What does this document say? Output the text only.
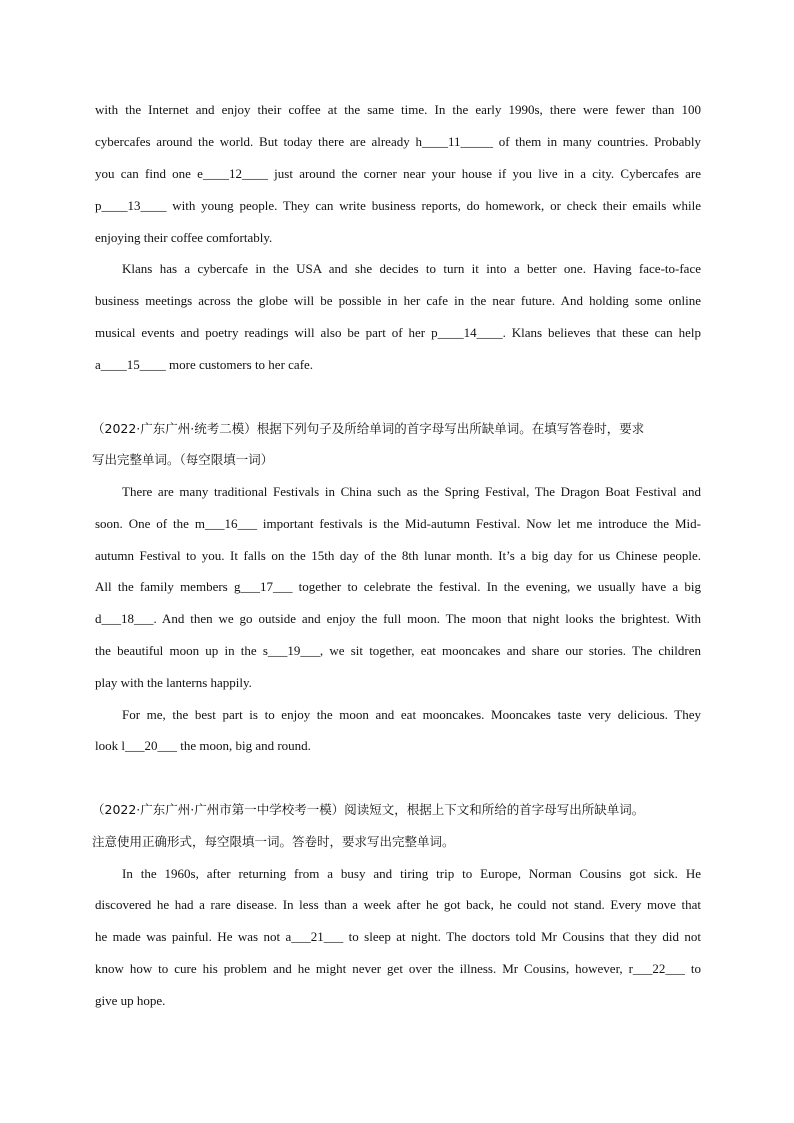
with the Internet and enjoy their coffee at the same time. In the early 1990s, there were fewer than 100
cybercafes around the world. But today there are already h____11_____ of them in many countries. Probably
you can find one e____12____ just around the corner near your house if you live in a city. Cybercafes are
p____13____ with young people. They can write business reports, do homework, or check their emails while
enjoying their coffee comfortably.
Klans has a cybercafe in the USA and she decides to turn it into a better one. Having face-to-face
business meetings across the globe will be possible in her cafe in the near future. And holding some online
musical events and poetry readings will also be part of her p____14____. Klans believes that these can help
a____15____ more customers to her cafe.
（2022·广东广州·统考二模）根据下列句子及所给单词的首字母写出所缺单词。在填写答卷时，要求
写出完整单词。（每空限填一词）
There are many traditional Festivals in China such as the Spring Festival, The Dragon Boat Festival and
soon. One of the m___16___ important festivals is the Mid-autumn Festival. Now let me introduce the Mid-
autumn Festival to you. It falls on the 15th day of the 8th lunar month. It’s a big day for us Chinese people.
All the family members g___17___ together to celebrate the festival. In the evening, we usually have a big
d___18___. And then we go outside and enjoy the full moon. The moon that night looks the brightest. With
the beautiful moon up in the s___19___, we sit together, eat mooncakes and share our stories. The children
play with the lanterns happily.
For me, the best part is to enjoy the moon and eat mooncakes. Mooncakes taste very delicious. They
look l___20___ the moon, big and round.
（2022·广东广州·广州市第一中学校考一模）阅读短文，根据上下文和所给的首字母写出所缺单词。
注意使用正确形式，每空限填一词。答卷时，要求写出完整单词。
In the 1960s, after returning from a busy and tiring trip to Europe, Norman Cousins got sick. He
discovered he had a rare disease. In less than a week after he got back, he could not stand. Every move that
he made was painful. He was not a___21___ to sleep at night. The doctors told Mr Cousins that they did not
know how to cure his problem and he might never get over the illness. Mr Cousins, however, r___22___ to
give up hope.
